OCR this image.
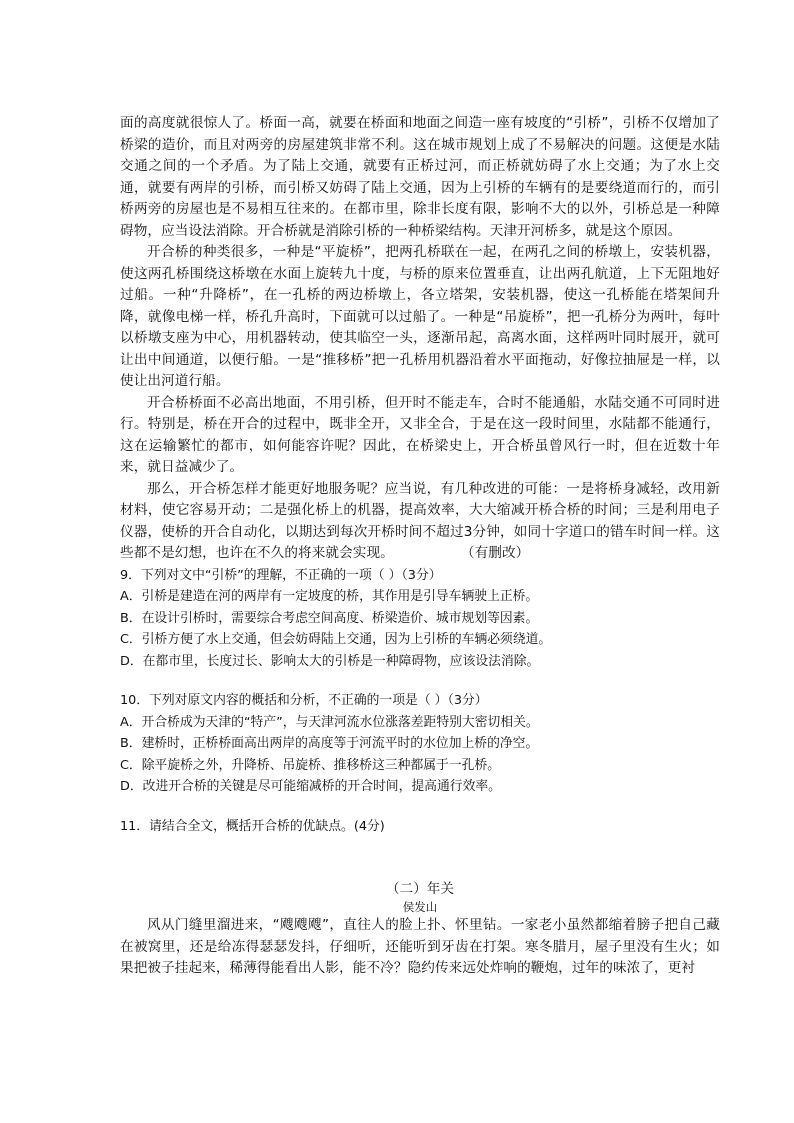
面的高度就很惊人了。桥面一高，就要在桥面和地面之间造一座有坡度的“引桥”，引桥不仅增加了桥梁的造价，而且对两旁的房屋建筑非常不利。这在城市规划上成了不易解决的问题。这便是水陆交通之间的一个矛盾。为了陆上交通，就要有正桥过河，而正桥就妨碍了水上交通；为了水上交通，就要有两岸的引桥，而引桥又妨碍了陆上交通，因为上引桥的车辆有的是要绕道而行的，而引桥两旁的房屋也是不易相互往来的。在都市里，除非长度有限，影响不大的以外，引桥总是一种障碍物，应当设法消除。开合桥就是消除引桥的一种桥梁结构。天津开河桥多，就是这个原因。

开合桥的种类很多，一种是“平旋桥”，把两孔桥联在一起，在两孔之间的桥墩上，安装机器，使这两孔桥围绕这桥墩在水面上旋转九十度，与桥的原来位置垂直，让出两孔航道，上下无阻地好过船。一种“升降桥”，在一孔桥的两边桥墩上，各立塔架，安装机器，使这一孔桥能在塔架间升降，就像电梯一样，桥孔升高时，下面就可以过船了。一种是“吊旋桥”，把一孔桥分为两叶，每叶以桥墩支座为中心，用机器转动，使其临空一头，逐渐吊起，高离水面，这样两叶同时展开，就可让出中间通道，以便行船。一是“推移桥”把一孔桥用机器沿着水平面拖动，好像拉抽屉是一样，以使让出河道行船。

开合桥桥面不必高出地面，不用引桥，但开时不能走车，合时不能通船，水陆交通不可同时进行。特别是，桥在开合的过程中，既非全开，又非全合，于是在这一段时间里，水陆都不能通行，这在运输繁忙的都市，如何能容许呢？因此，在桥梁史上，开合桥虽曾风行一时，但在近数十年来，就日益减少了。

那么，开合桥怎样才能更好地服务呢？应当说，有几种改进的可能：一是将桥身减轻，改用新材料，使它容易开动；二是强化桥上的机器，提高效率，大大缩减开桥合桥的时间；三是利用电子仪器，使桥的开合自动化，以期达到每次开桥时间不超过3分钟，如同十字道口的错车时间一样。这些都不是幻想，也许在不久的将来就会实现。	（有删改）

9．下列对文中“引桥”的理解，不正确的一项（ ）（3分）

A．引桥是建造在河的两岸有一定坡度的桥，其作用是引导车辆驶上正桥。

B．在设计引桥时，需要综合考虑空间高度、桥梁造价、城市规划等因素。

C．引桥方便了水上交通，但会妨碍陆上交通，因为上引桥的车辆必须绕道。

D．在都市里，长度过长、影响太大的引桥是一种障碍物，应该设法消除。

10．下列对原文内容的概括和分析，不正确的一项是（ ）（3分）

A．开合桥成为天津的“特产”，与天津河流水位涨落差距特别大密切相关。

B．建桥时，正桥桥面高出两岸的高度等于河流平时的水位加上桥的净空。

C．除平旋桥之外，升降桥、吊旋桥、推移桥这三种都属于一孔桥。

D．改进开合桥的关键是尽可能缩减桥的开合时间，提高通行效率。

11．请结合全文，概括开合桥的优缺点。(4分)

（二）年关

侯发山

风从门缝里溜进来，“飕飕飕”，直往人的脸上扑、怀里钻。一家老小虽然都缩着膀子把自己藏在被窝里，还是给冻得瑟瑟发抖，仔细听，还能听到牙齿在打架。寒冬腊月，屋子里没有生火；如果把被子挂起来，稀薄得能看出人影，能不冷？隐约传来远处炸响的鞭炮，过年的味浓了，更衬
